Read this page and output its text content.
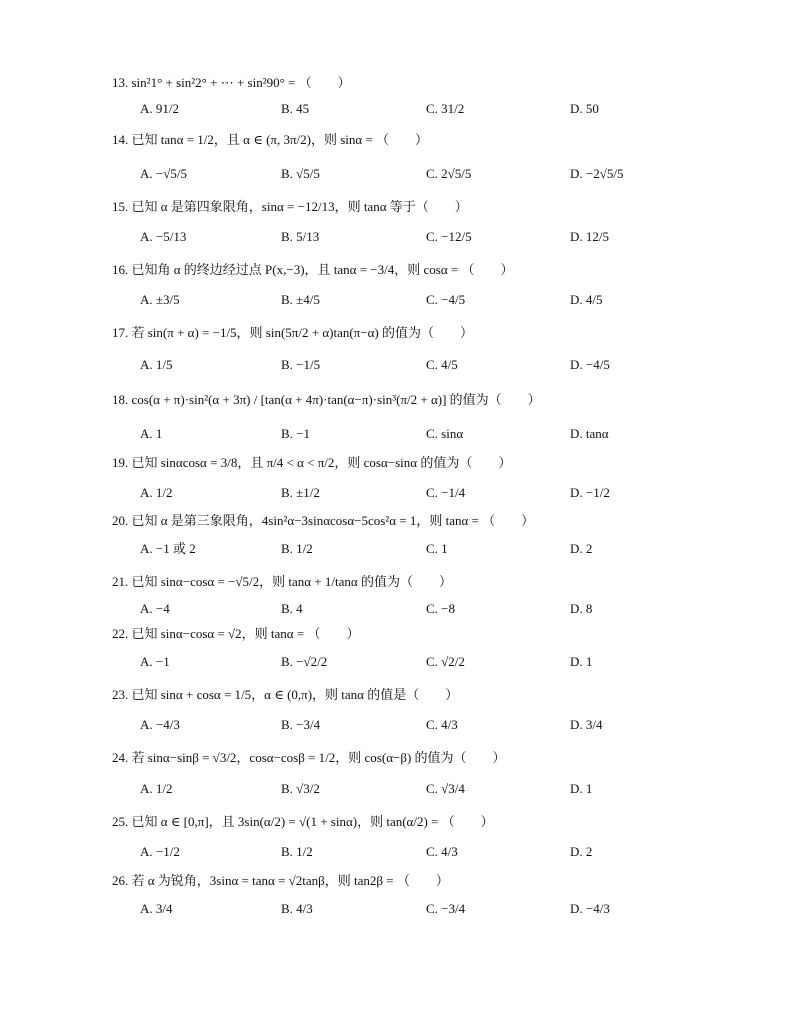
13. sin²1° + sin²2° + ⋯ + sin²90° = （　　）
A. 91/2	B. 45	C. 31/2	D. 50
14. 已知 tanα = 1/2，且 α ∈ (π, 3π/2)，则 sinα = （　　）
A. −√5/5	B. √5/5	C. 2√5/5	D. −2√5/5
15. 已知 α 是第四象限角，sinα = −12/13，则 tanα 等于（　　）
A. −5/13	B. 5/13	C. −12/5	D. 12/5
16. 已知角 α 的终边经过点 P(x,−3)，且 tanα = −3/4，则 cosα = （　　）
A. ±3/5	B. ±4/5	C. −4/5	D. 4/5
17. 若 sin(π + α) = −1/5，则 sin(5π/2 + α)tan(π−α) 的值为（　　）
A. 1/5	B. −1/5	C. 4/5	D. −4/5
18. cos(α + π)·sin²(α + 3π) / [tan(α + 4π)·tan(α−π)·sin³(π/2 + α)] 的值为（　　）
A. 1	B. −1	C. sinα	D. tanα
19. 已知 sinαcosα = 3/8，且 π/4 < α < π/2，则 cosα−sinα 的值为（　　）
A. 1/2	B. ±1/2	C. −1/4	D. −1/2
20. 已知 α 是第三象限角，4sin²α−3sinαcosα−5cos²α = 1，则 tanα = （　　）
A. −1 或 2	B. 1/2	C. 1	D. 2
21. 已知 sinα−cosα = −√5/2，则 tanα + 1/tanα 的值为（　　）
A. −4	B. 4	C. −8	D. 8
22. 已知 sinα−cosα = √2，则 tanα = （　　）
A. −1	B. −√2/2	C. √2/2	D. 1
23. 已知 sinα + cosα = 1/5，α ∈ (0,π)，则 tanα 的值是（　　）
A. −4/3	B. −3/4	C. 4/3	D. 3/4
24. 若 sinα−sinβ = √3/2，cosα−cosβ = 1/2，则 cos(α−β) 的值为（　　）
A. 1/2	B. √3/2	C. √3/4	D. 1
25. 已知 α ∈ [0,π]，且 3sin(α/2) = √(1 + sinα)，则 tan(α/2) = （　　）
A. −1/2	B. 1/2	C. 4/3	D. 2
26. 若 α 为锐角，3sinα = tanα = √2tanβ，则 tan2β = （　　）
A. 3/4	B. 4/3	C. −3/4	D. −4/3
